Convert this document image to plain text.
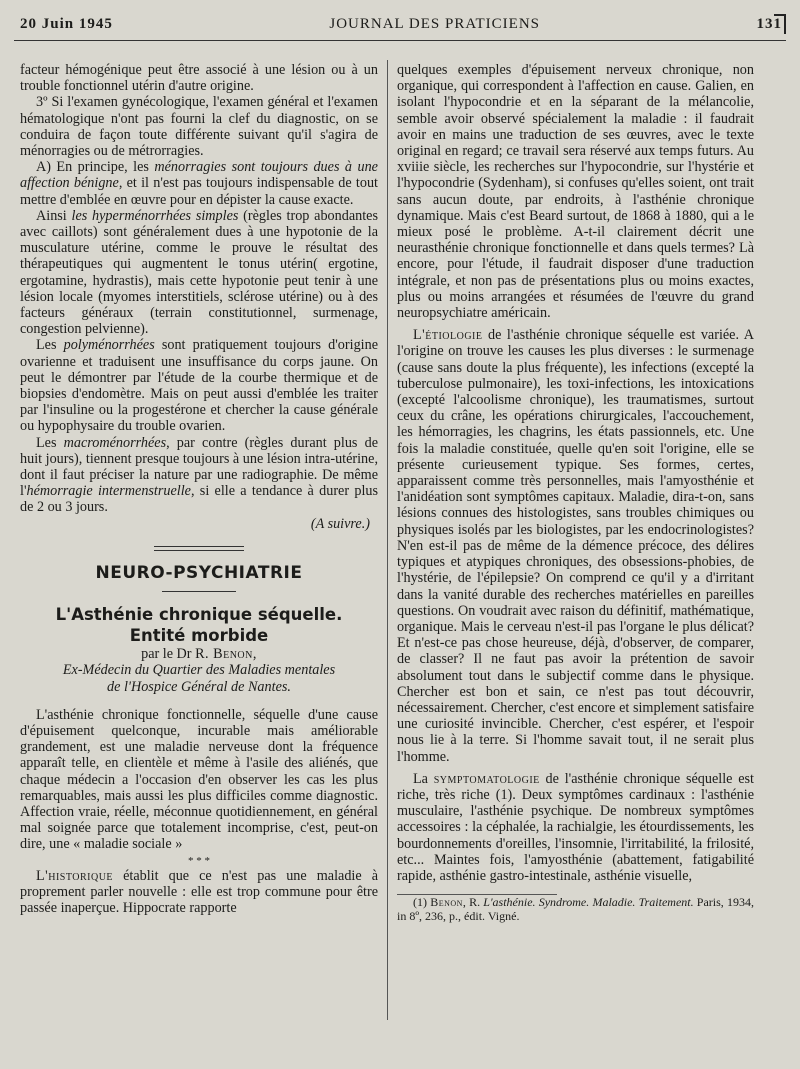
20 Juin 1945	JOURNAL DES PRATICIENS	131

facteur hémogénique peut être associé à une lésion ou à un trouble fonctionnel utérin d'autre origine.

3º Si l'examen gynécologique, l'examen général et l'examen hématologique n'ont pas fourni la clef du diagnostic, on se conduira de façon toute différente suivant qu'il s'agira de ménorragies ou de métrorragies.

A) En principe, les ménorragies sont toujours dues à une affection bénigne, et il n'est pas toujours indispensable de tout mettre d'emblée en œuvre pour en dépister la cause exacte.

Ainsi les hyperménorrhées simples (règles trop abondantes avec caillots) sont généralement dues à une hypotonie de la musculature utérine, comme le prouve le résultat des thérapeutiques qui augmentent le tonus utérin( ergotine, ergotamine, hydrastis), mais cette hypotonie peut tenir à une lésion locale (myomes interstitiels, sclérose utérine) ou à des facteurs généraux (terrain constitutionnel, surmenage, congestion pelvienne).

Les polyménorrhées sont pratiquement toujours d'origine ovarienne et traduisent une insuffisance du corps jaune. On peut le démontrer par l'étude de la courbe thermique et de biopsies d'endomètre. Mais on peut aussi d'emblée les traiter par l'insuline ou la progestérone et chercher la cause générale ou hypophysaire du trouble ovarien.

Les macroménorrhées, par contre (règles durant plus de huit jours), tiennent presque toujours à une lésion intra-utérine, dont il faut préciser la nature par une radiographie. De même l'hémorragie intermenstruelle, si elle a tendance à durer plus de 2 ou 3 jours.

(A suivre.)

NEURO-PSYCHIATRIE
L'Asthénie chronique séquelle.
Entité morbide

par le Dr R. Benon,

Ex-Médecin du Quartier des Maladies mentales

de l'Hospice Général de Nantes.

L'asthénie chronique fonctionnelle, séquelle d'une cause d'épuisement quelconque, incurable mais améliorable grandement, est une maladie nerveuse dont la fréquence apparaît telle, en clientèle et même à l'asile des aliénés, que chaque médecin a l'occasion d'en observer les cas les plus remarquables, mais aussi les plus difficiles comme diagnostic. Affection vraie, réelle, méconnue quotidiennement, en général mal soignée parce que totalement incomprise, c'est, peut-on dire, une « maladie sociale »

* * *

L'historique établit que ce n'est pas une maladie à proprement parler nouvelle : elle est trop commune pour être passée inaperçue. Hippocrate rapporte

quelques exemples d'épuisement nerveux chronique, non organique, qui correspondent à l'affection en cause. Galien, en isolant l'hypocondrie et en la séparant de la mélancolie, semble avoir observé spécialement la maladie : il faudrait avoir en mains une traduction de ses œuvres, avec le texte original en regard; ce travail sera réservé aux temps futurs. Au xviiie siècle, les recherches sur l'hypocondrie, sur l'hystérie et l'hypocondrie (Sydenham), si confuses qu'elles soient, ont trait sans aucun doute, par endroits, à l'asthénie chronique dynamique. Mais c'est Beard surtout, de 1868 à 1880, qui a le mieux posé le problème. A-t-il clairement décrit une neurasthénie chronique fonctionnelle et dans quels termes? Là encore, pour l'étude, il faudrait disposer d'une traduction intégrale, et non pas de présentations plus ou moins exactes, plus ou moins arrangées et résumées de l'œuvre du grand neuropsychiatre américain.

L'étiologie de l'asthénie chronique séquelle est variée. A l'origine on trouve les causes les plus diverses : le surmenage (cause sans doute la plus fréquente), les infections (excepté la tuberculose pulmonaire), les toxi-infections, les intoxications (excepté l'alcoolisme chronique), les traumatismes, surtout ceux du crâne, les opérations chirurgicales, l'accouchement, les hémorragies, les chagrins, les états passionnels, etc. Une fois la maladie constituée, quelle qu'en soit l'origine, elle se présente curieusement typique. Ses formes, certes, apparaissent comme très personnelles, mais l'amyosthénie et l'anidéation sont symptômes capitaux. Maladie, dira-t-on, sans lésions connues des histologistes, sans troubles chimiques ou physiques isolés par les biologistes, par les endocrinologistes? N'en est-il pas de même de la démence précoce, des délires typiques et atypiques chroniques, des obsessions-phobies, de l'hystérie, de l'épilepsie? On comprend ce qu'il y a d'irritant dans la vanité durable des recherches matérielles en pareilles questions. On voudrait avec raison du définitif, mathématique, organique. Mais le cerveau n'est-il pas l'organe le plus délicat? Et n'est-ce pas chose heureuse, déjà, d'observer, de comparer, de classer? Il ne faut pas avoir la prétention de savoir absolument tout dans le subjectif comme dans le physique. Chercher est bon et sain, ce n'est pas tout découvrir, nécessairement. Chercher, c'est encore et simplement satisfaire une curiosité invincible. Chercher, c'est espérer, et l'espoir nous lie à la terre. Si l'homme savait tout, il ne serait plus l'homme.

La symptomatologie de l'asthénie chronique séquelle est riche, très riche (1). Deux symptômes cardinaux : l'asthénie musculaire, l'asthénie psychique. De nombreux symptômes accessoires : la céphalée, la rachialgie, les étourdissements, les bourdonnements d'oreilles, l'insomnie, l'irritabilité, la frilosité, etc... Maintes fois, l'amyosthénie (abattement, fatigabilité rapide, asthénie gastro-intestinale, asthénie visuelle,

(1) Benon, R. L'asthénie. Syndrome. Maladie. Traitement. Paris, 1934, in 8º, 236, p., édit. Vigné.
